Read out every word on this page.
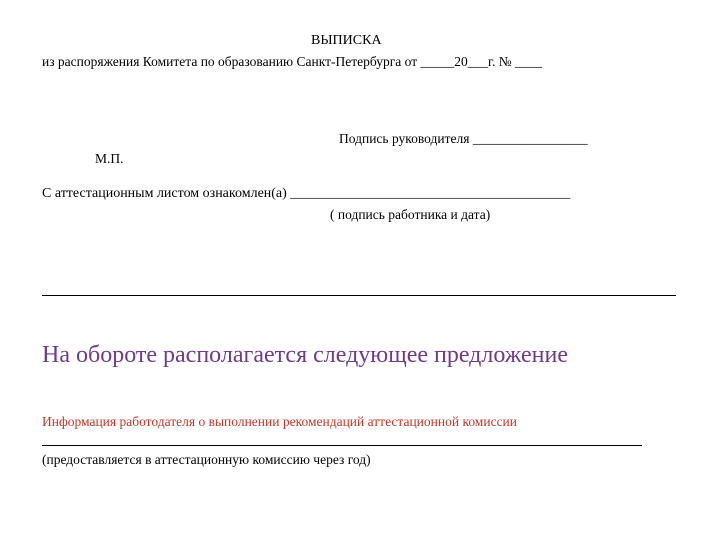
ВЫПИСКА
из распоряжения Комитета по образованию Санкт-Петербурга от _____20___г. № ____
Подпись руководителя _________________
М.П.
С аттестационным листом ознакомлен(а) ________________________________________
( подпись работника и дата)
На обороте располагается следующее предложение
Информация работодателя о выполнении рекомендаций аттестационной комиссии
(предоставляется в аттестационную комиссию через год)
